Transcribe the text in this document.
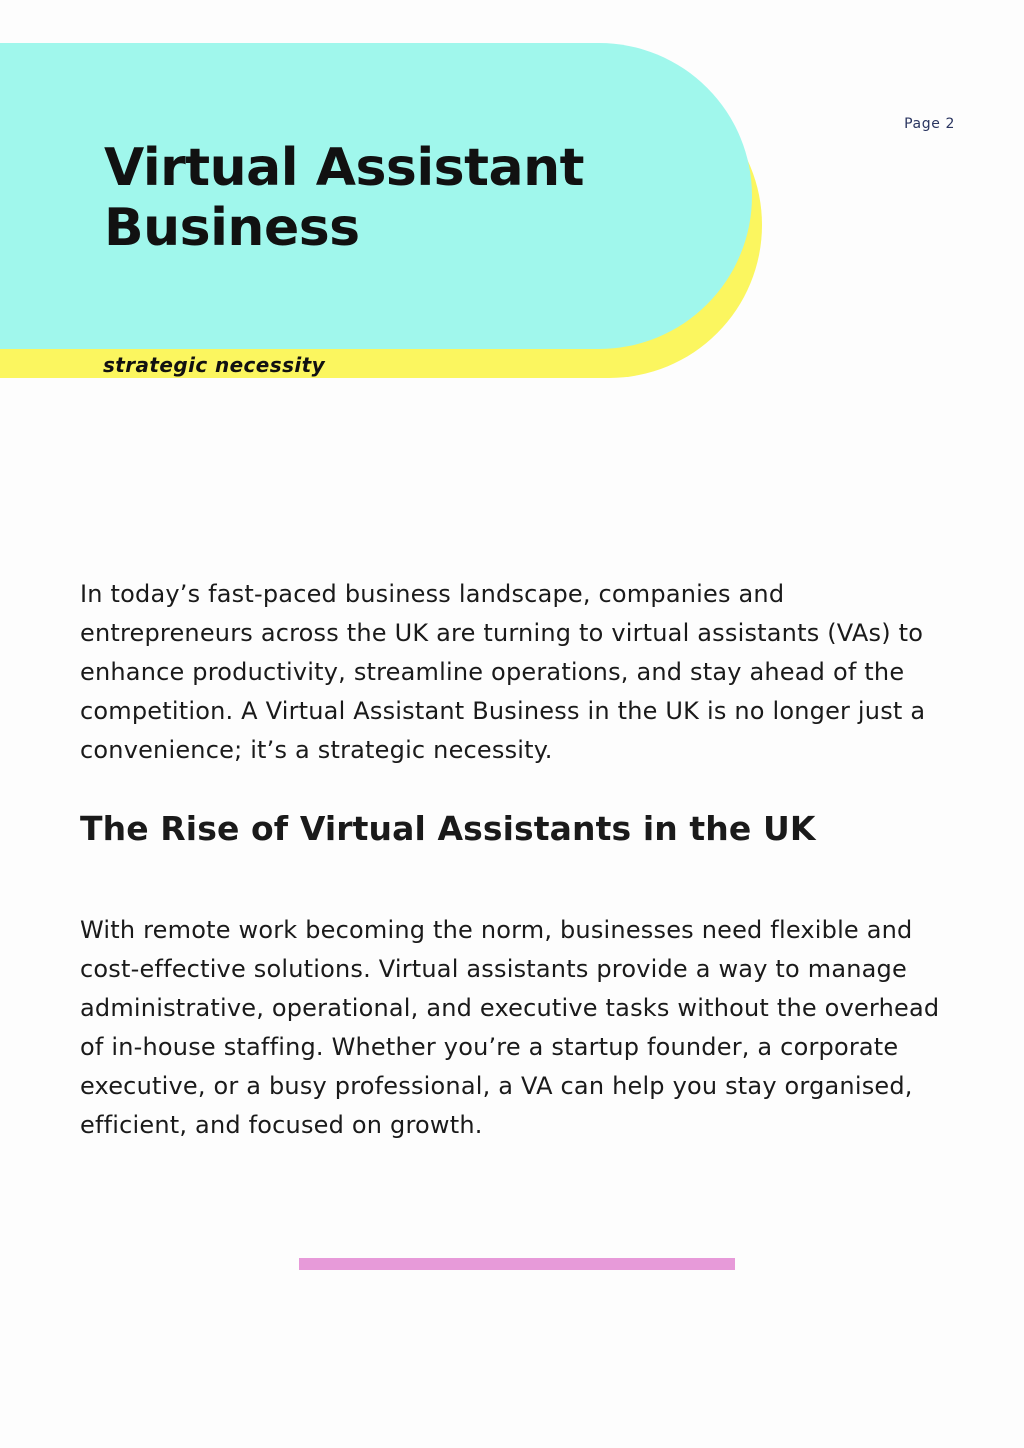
Virtual Assistant
Business
strategic necessity
Page 2

In today’s fast-paced business landscape, companies and entrepreneurs across the UK are turning to virtual assistants (VAs) to enhance productivity, streamline operations, and stay ahead of the competition. A Virtual Assistant Business in the UK is no longer just a convenience; it’s a strategic necessity.

The Rise of Virtual Assistants in the UK

With remote work becoming the norm, businesses need flexible and cost-effective solutions. Virtual assistants provide a way to manage administrative, operational, and executive tasks without the overhead of in-house staffing. Whether you’re a startup founder, a corporate executive, or a busy professional, a VA can help you stay organised, efficient, and focused on growth.
